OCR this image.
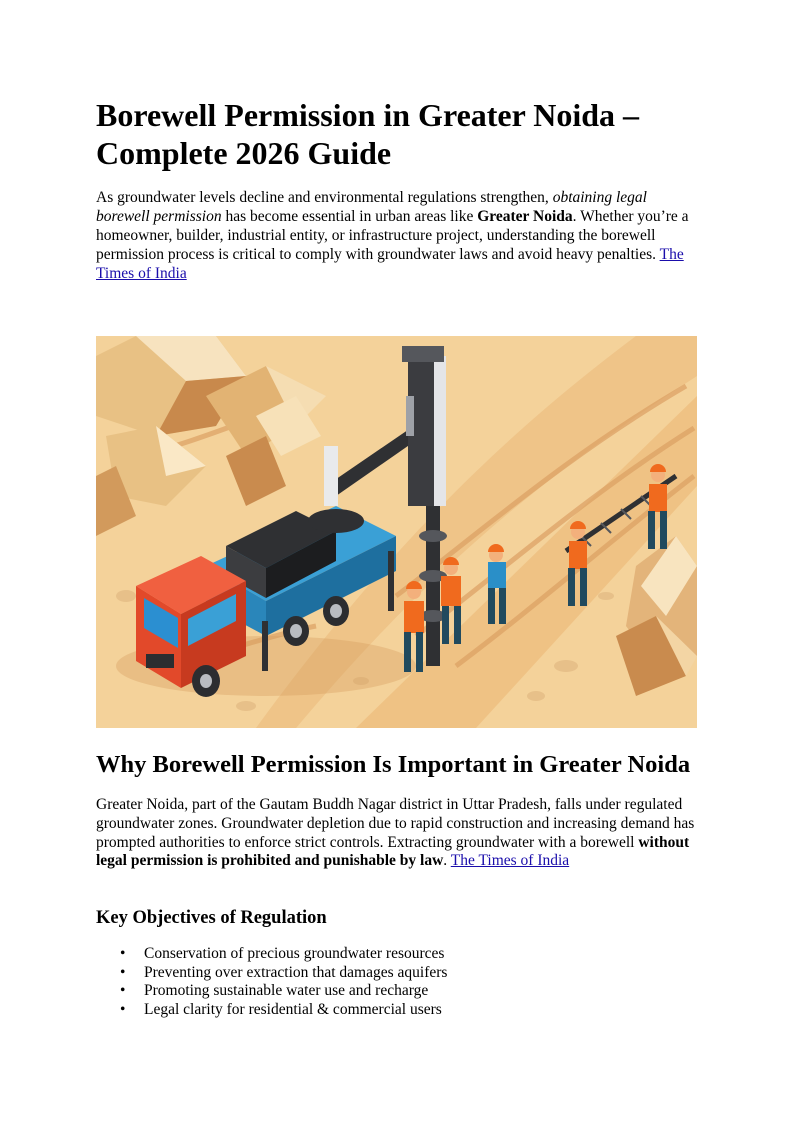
Borewell Permission in Greater Noida – Complete 2026 Guide

As groundwater levels decline and environmental regulations strengthen, obtaining legal borewell permission has become essential in urban areas like Greater Noida. Whether you’re a homeowner, builder, industrial entity, or infrastructure project, understanding the borewell permission process is critical to comply with groundwater laws and avoid heavy penalties. The Times of India

Why Borewell Permission Is Important in Greater Noida

Greater Noida, part of the Gautam Buddh Nagar district in Uttar Pradesh, falls under regulated groundwater zones. Groundwater depletion due to rapid construction and increasing demand has prompted authorities to enforce strict controls. Extracting groundwater with a borewell without legal permission is prohibited and punishable by law. The Times of India

Key Objectives of Regulation
• Conservation of precious groundwater resources
• Preventing over extraction that damages aquifers
• Promoting sustainable water use and recharge
• Legal clarity for residential & commercial users
